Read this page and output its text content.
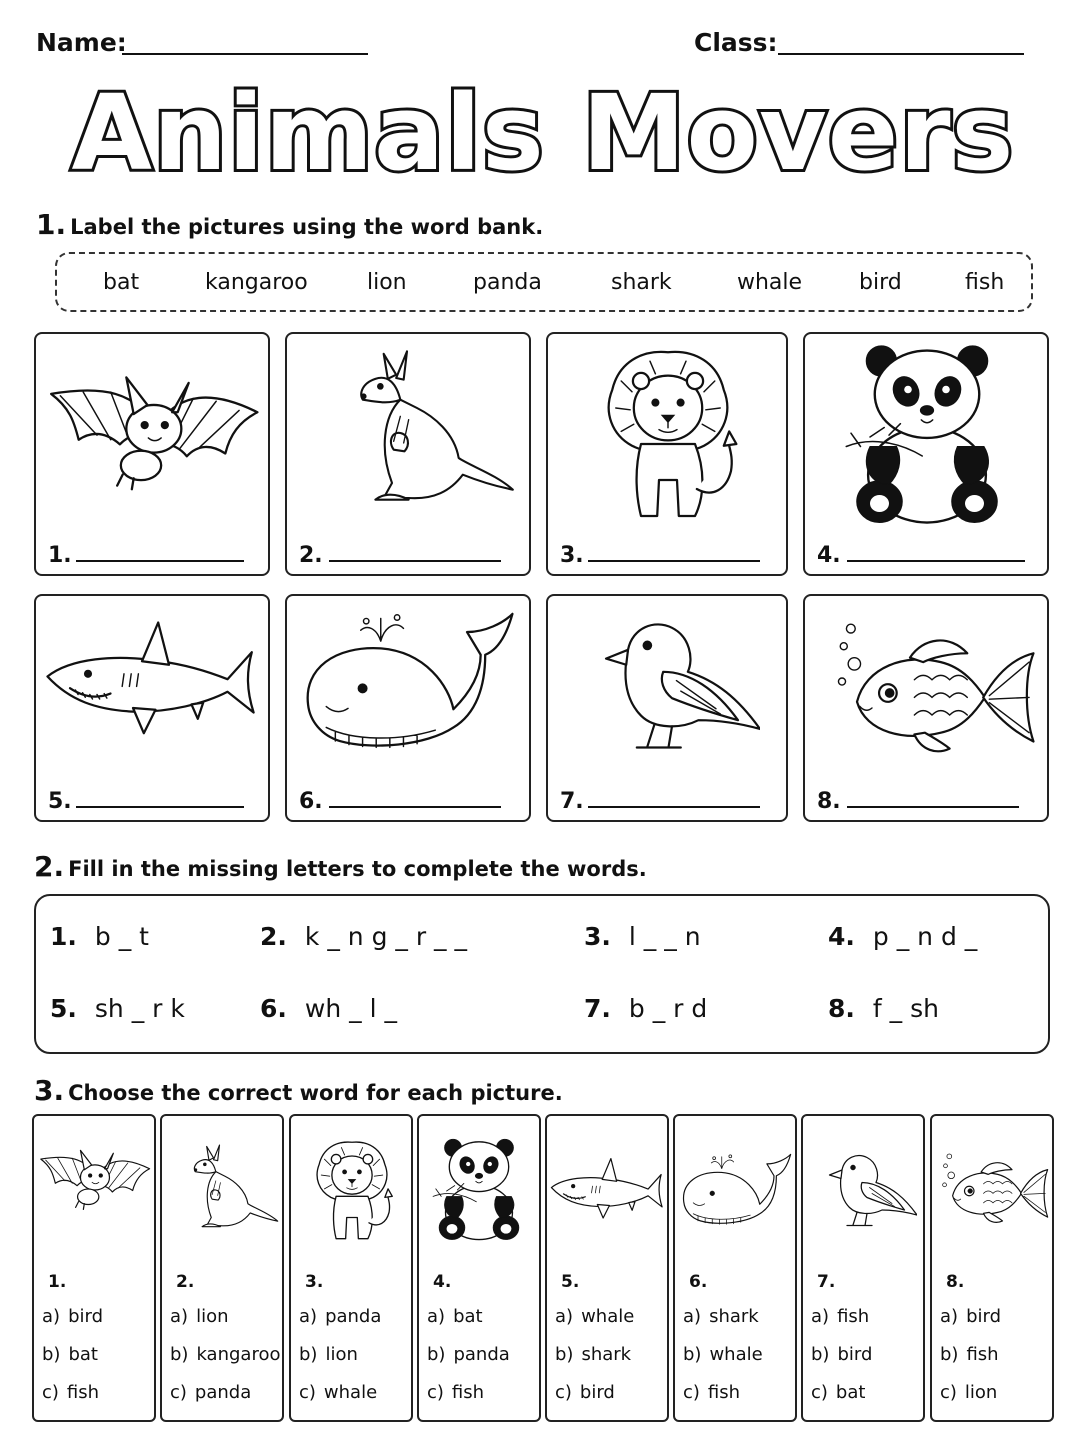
Name:	Class:
Animals Movers
1. Label the pictures using the word bank.
bat	kangaroo	lion	panda	shark	whale	bird	fish
1.	2.	3.	4.
5.	6.	7.	8.
2. Fill in the missing letters to complete the words.
1. b _ t	2. k _ n g _ r _ _	3. l _ _ n	4. p _ n d _
5. sh _ r k	6. wh _ l _	7. b _ r d	8. f _ sh
3. Choose the correct word for each picture.
1.
a) bird
b) bat
c) fish
2.
a) lion
b) kangaroo
c) panda
3.
a) panda
b) lion
c) whale
4.
a) bat
b) panda
c) fish
5.
a) whale
b) shark
c) bird
6.
a) shark
b) whale
c) fish
7.
a) fish
b) bird
c) bat
8.
a) bird
b) fish
c) lion
